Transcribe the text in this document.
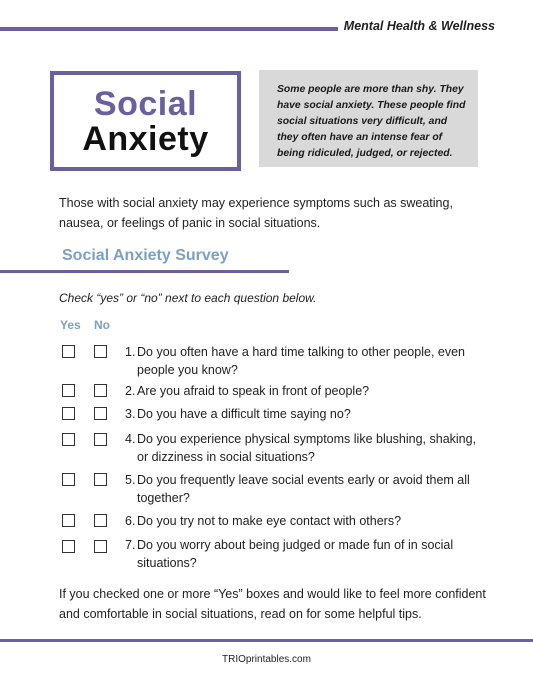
Mental Health & Wellness
Social
Anxiety
Some people are more than shy. They have social anxiety. These people find social situations very difficult, and they often have an intense fear of being ridiculed, judged, or rejected.
Those with social anxiety may experience symptoms such as sweating, nausea, or feelings of panic in social situations.
Social Anxiety Survey
Check “yes” or “no” next to each question below.
Yes No
1. Do you often have a hard time talking to other people, even
people you know?
2. Are you afraid to speak in front of people?
3. Do you have a difficult time saying no?
4. Do you experience physical symptoms like blushing, shaking,
or dizziness in social situations?
5. Do you frequently leave social events early or avoid them all
together?
6. Do you try not to make eye contact with others?
7. Do you worry about being judged or made fun of in social
situations?
If you checked one or more “Yes” boxes and would like to feel more confident and comfortable in social situations, read on for some helpful tips.
TRIOprintables.com
